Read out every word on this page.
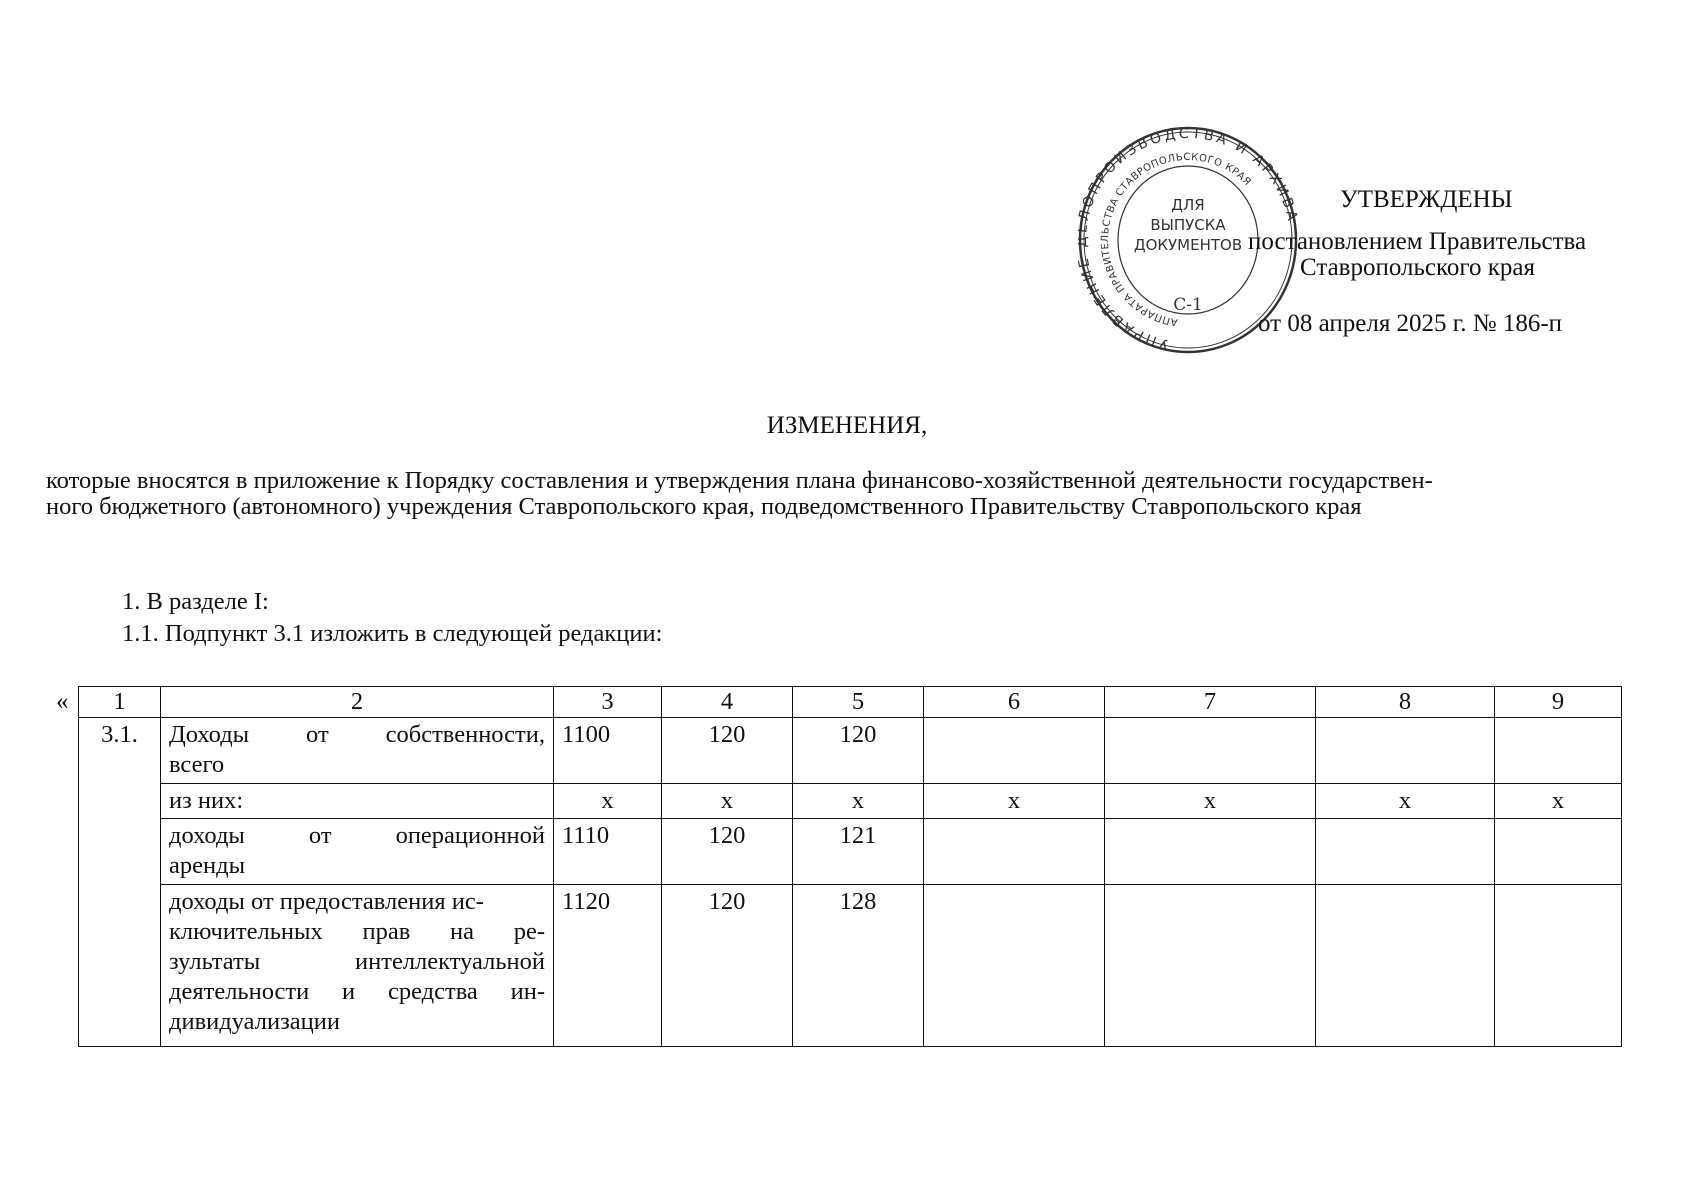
УПРАВЛЕНИ ОПРОИЗВОДСТВА И АРХИВ
АППАРАТА ПРАВИТЕЛЬСТВА СТАВРОПОЛЬСКОГО КРАЯ
ДЛЯ
ВЫПУСКА
ДОКУМЕНТОВ
С-1
УТВЕРЖДЕНЫ
постановлением Правительства
Ставропольского края
от 08 апреля 2025 г. № 186-п
ИЗМЕНЕНИЯ,
которые вносятся в приложение к Порядку составления и утверждения плана финансово-хозяйственной деятельности государствен-
ного бюджетного (автономного) учреждения Ставропольского края, подведомственного Правительству Ставропольского края
1. В разделе I:
1.1. Подпункт 3.1 изложить в следующей редакции:
« 1	2	3	4	5	6	7	8	9
3.1.	Доходы от собственности,
всего	1100	120	120				
	из них:	х	х	х	х	х	х	х

	доходы от операционной
аренды	1110	120	121				

	доходы от предоставления ис-
ключительных прав на ре-
зультаты интеллектуальной
деятельности и средства ин-
дивидуализации	1120	120	128				
